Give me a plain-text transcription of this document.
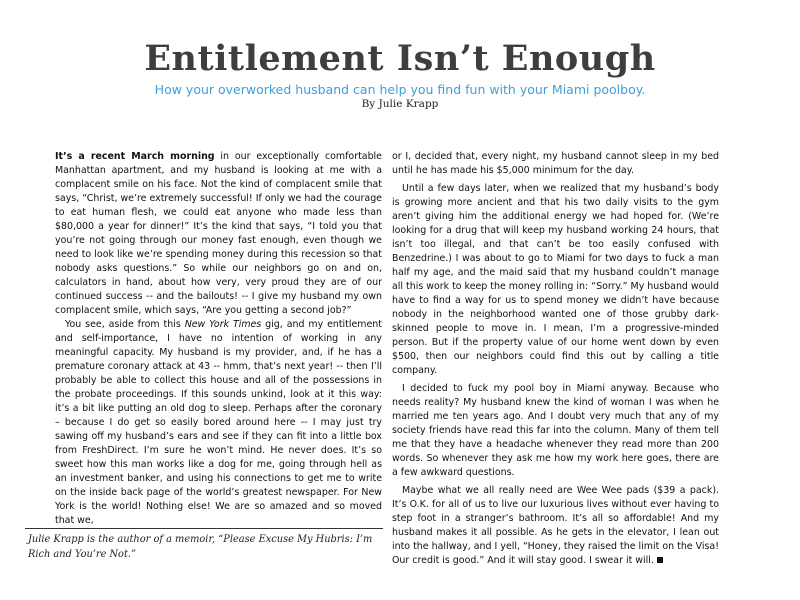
Entitlement Isn’t Enough

How your overworked husband can help you find fun with your Miami poolboy.

By Julie Krapp

It’s a recent March morning in our exceptionally comfortable Manhattan apartment, and my husband is looking at me with a complacent smile on his face. Not the kind of complacent smile that says, “Christ, we’re extremely successful! If only we had the courage to eat human flesh, we could eat anyone who made less than $80,000 a year for dinner!” It’s the kind that says, “I told you that you’re not going through our money fast enough, even though we need to look like we’re spending money during this recession so that nobody asks questions.” So while our neighbors go on and on, calculators in hand, about how very, very proud they are of our continued success -- and the bailouts! -- I give my husband my own complacent smile, which says, “Are you getting a second job?”

You see, aside from this New York Times gig, and my entitlement and self-importance, I have no intention of working in any meaningful capacity. My husband is my provider, and, if he has a premature coronary attack at 43 -- hmm, that’s next year! -- then I’ll probably be able to collect this house and all of the possessions in the probate proceedings. If this sounds unkind, look at it this way: it’s a bit like putting an old dog to sleep. Perhaps after the coronary – because I do get so easily bored around here -- I may just try sawing off my husband’s ears and see if they can fit into a little box from FreshDirect. I’m sure he won’t mind. He never does. It’s so sweet how this man works like a dog for me, going through hell as an investment banker, and using his connections to get me to write on the inside back page of the world’s greatest newspaper. For New York is the world! Nothing else! We are so amazed and so moved that we,

Julie Krapp is the author of a memoir, “Please Excuse My Hubris: I’m Rich and You’re Not.”

or I, decided that, every night, my husband cannot sleep in my bed until he has made his $5,000 minimum for the day.

Until a few days later, when we realized that my husband’s body is growing more ancient and that his two daily visits to the gym aren’t giving him the additional energy we had hoped for. (We’re looking for a drug that will keep my husband working 24 hours, that isn’t too illegal, and that can’t be too easily confused with Benzedrine.) I was about to go to Miami for two days to fuck a man half my age, and the maid said that my husband couldn’t manage all this work to keep the money rolling in: “Sorry.” My husband would have to find a way for us to spend money we didn’t have because nobody in the neighborhood wanted one of those grubby dark-skinned people to move in. I mean, I’m a progressive-minded person. But if the property value of our home went down by even $500, then our neighbors could find this out by calling a title company.

I decided to fuck my pool boy in Miami anyway. Because who needs reality? My husband knew the kind of woman I was when he married me ten years ago. And I doubt very much that any of my society friends have read this far into the column. Many of them tell me that they have a headache whenever they read more than 200 words. So whenever they ask me how my work here goes, there are a few awkward questions.

Maybe what we all really need are Wee Wee pads ($39 a pack). It’s O.K. for all of us to live our luxurious lives without ever having to step foot in a stranger’s bathroom. It’s all so affordable! And my husband makes it all possible. As he gets in the elevator, I lean out into the hallway, and I yell, “Honey, they raised the limit on the Visa! Our credit is good.” And it will stay good. I swear it will.
